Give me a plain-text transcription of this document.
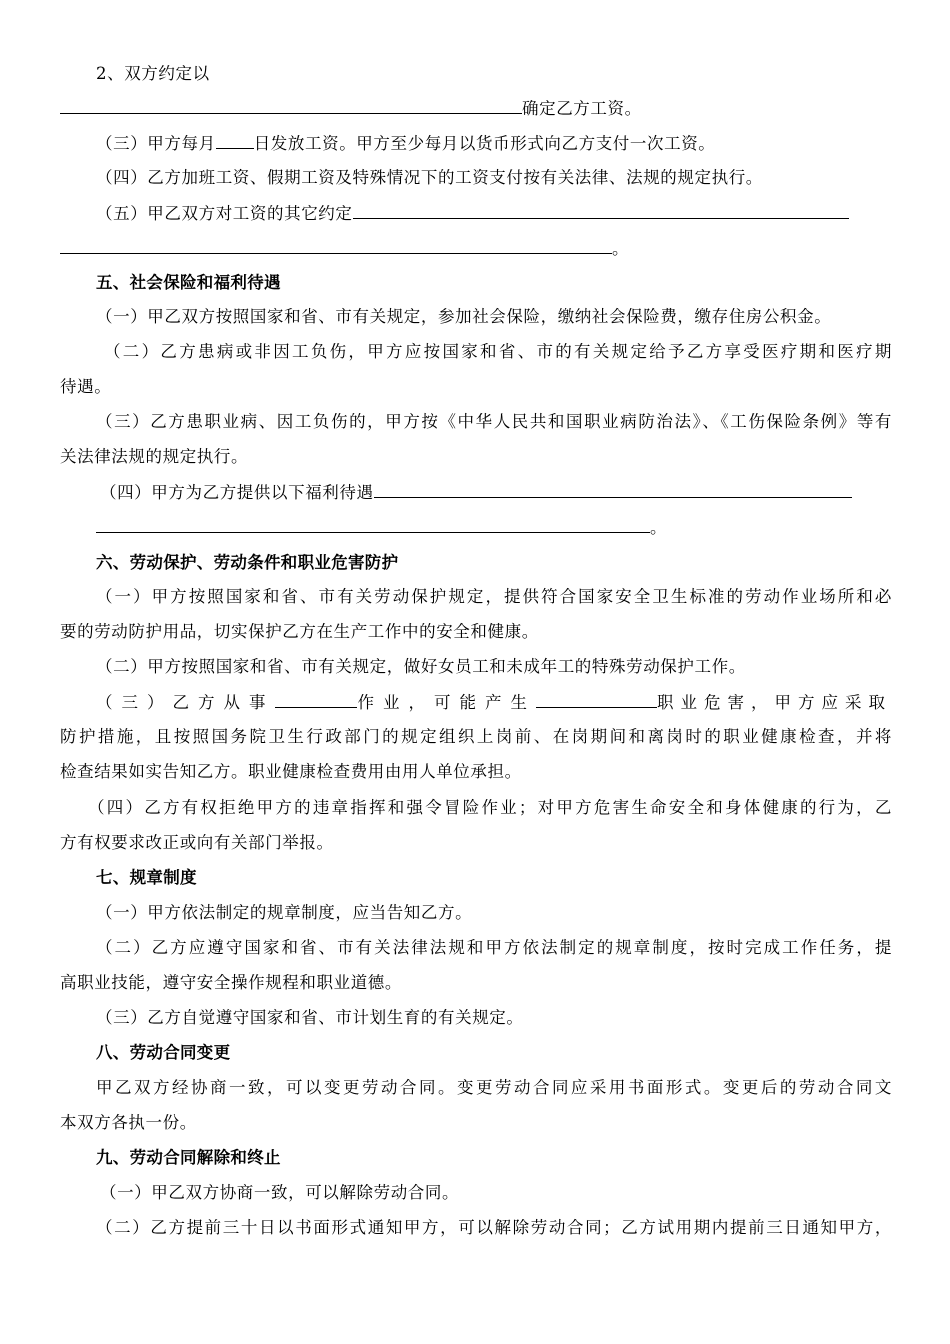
2、双方约定以
确定乙方工资。
（三）甲方每月 日发放工资。甲方至少每月以货币形式向乙方支付一次工资。
（四）乙方加班工资、假期工资及特殊情况下的工资支付按有关法律、法规的规定执行。
（五）甲乙双方对工资的其它约定
。
五、社会保险和福利待遇
（一）甲乙双方按照国家和省、市有关规定，参加社会保险，缴纳社会保险费，缴存住房公积金。
（二）乙方患病或非因工负伤，甲方应按国家和省、市的有关规定给予乙方享受医疗期和医疗期
待遇。
（三）乙方患职业病、因工负伤的，甲方按《中华人民共和国职业病防治法》、《工伤保险条例》等有
关法律法规的规定执行。
（四）甲方为乙方提供以下福利待遇
。
六、劳动保护、劳动条件和职业危害防护
（一）甲方按照国家和省、市有关劳动保护规定，提供符合国家安全卫生标准的劳动作业场所和必
要的劳动防护用品，切实保护乙方在生产工作中的安全和健康。
（二）甲方按照国家和省、市有关规定，做好女员工和未成年工的特殊劳动保护工作。
（三）乙方从事	作业，可能产生	职业危害，甲方应采取
防护措施，且按照国务院卫生行政部门的规定组织上岗前、在岗期间和离岗时的职业健康检查，并将
检查结果如实告知乙方。职业健康检查费用由用人单位承担。
（四）乙方有权拒绝甲方的违章指挥和强令冒险作业；对甲方危害生命安全和身体健康的行为，乙
方有权要求改正或向有关部门举报。
七、规章制度
（一）甲方依法制定的规章制度，应当告知乙方。
（二）乙方应遵守国家和省、市有关法律法规和甲方依法制定的规章制度，按时完成工作任务，提
高职业技能，遵守安全操作规程和职业道德。
（三）乙方自觉遵守国家和省、市计划生育的有关规定。
八、劳动合同变更
甲乙双方经协商一致，可以变更劳动合同。变更劳动合同应采用书面形式。变更后的劳动合同文
本双方各执一份。
九、劳动合同解除和终止
（一）甲乙双方协商一致，可以解除劳动合同。
（二）乙方提前三十日以书面形式通知甲方，可以解除劳动合同；乙方试用期内提前三日通知甲方，
